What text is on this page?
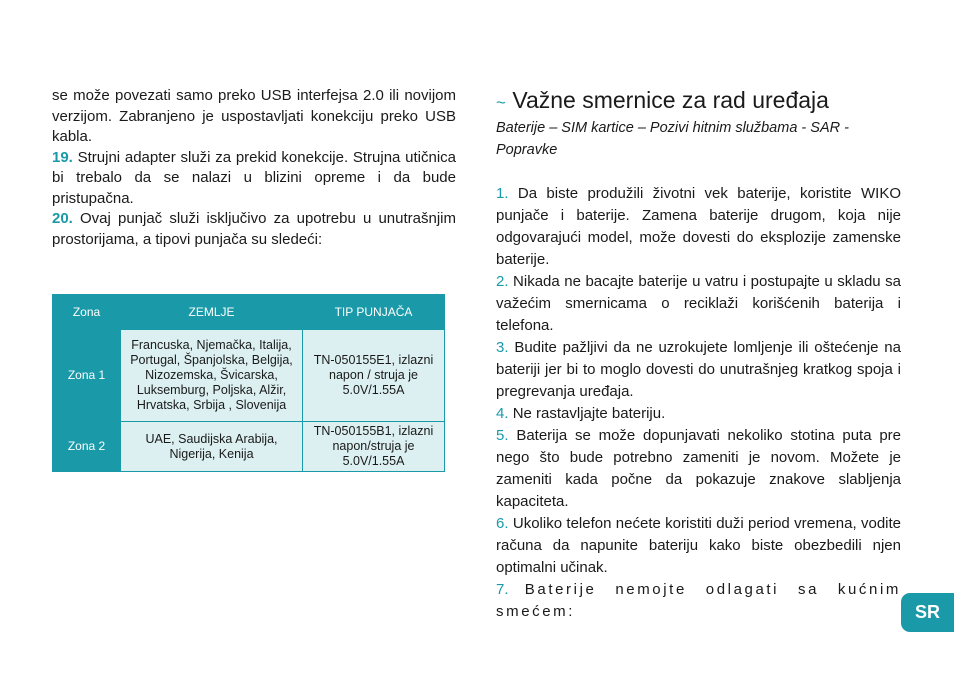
se može povezati samo preko USB interfejsa 2.0 ili novijom verzijom. Zabranjeno je uspostavljati konekciju preko USB kabla.

19. Strujni adapter služi za prekid konekcije. Strujna utičnica bi trebalo da se nalazi u blizini opreme i da bude pristupačna.

20. Ovaj punjač služi isključivo za upotrebu u unutrašnjim prostorijama, a tipovi punjača su sledeći:

Zona	ZEMLJE	TIP PUNJAČA
Zona 1	Francuska, Njemačka, Italija, Portugal, Španjolska, Belgija, Nizozemska, Švicarska, Luksemburg, Poljska, Alžir, Hrvatska, Srbija , Slovenija	TN-050155E1, izlazni napon / struja je 5.0V/1.55A
Zona 2	UAE, Saudijska Arabija, Nigerija, Kenija	TN-050155B1, izlazni napon/struja je 5.0V/1.55A
~ Važne smernice za rad uređaja

Baterije – SIM kartice – Pozivi hitnim službama - SAR - Popravke

1. Da biste produžili životni vek baterije, koristite WIKO punjače i baterije. Zamena baterije drugom, koja nije odgovarajući model, može dovesti do eksplozije zamenske baterije.

2. Nikada ne bacajte baterije u vatru i postupajte u skladu sa važećim smernicama o reciklaži korišćenih baterija i telefona.

3. Budite pažljivi da ne uzrokujete lomljenje ili oštećenje na bateriji jer bi to moglo dovesti do unutrašnjeg kratkog spoja i pregrevanja uređaja.

4. Ne rastavljajte bateriju.

5. Baterija se može dopunjavati nekoliko stotina puta pre nego što bude potrebno zameniti je novom. Možete je zameniti kada počne da pokazuje znakove slabljenja kapaciteta.

6. Ukoliko telefon nećete koristiti duži period vremena, vodite računa da napunite bateriju kako biste obezbedili njen optimalni učinak.

7. Baterije nemojte odlagati sa kućnim smećem:	SR
